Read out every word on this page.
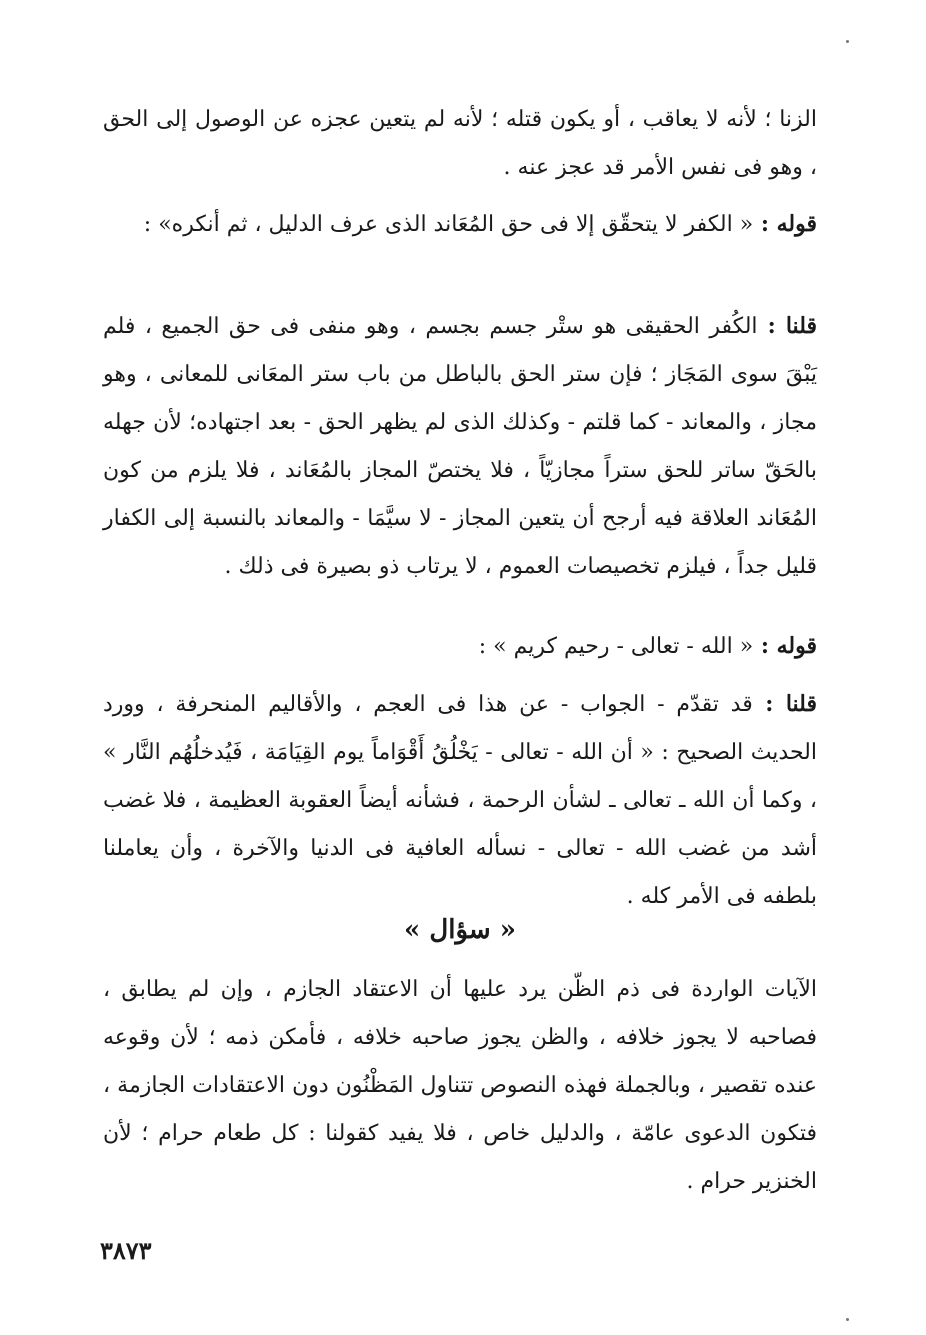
الزنا ؛ لأنه لا يعاقب ، أو يكون قتله ؛ لأنه لم يتعين عجزه عن الوصول إلى الحق ، وهو فى نفس الأمر قد عجز عنه .

قوله : « الكفر لا يتحقّق إلا فى حق المُعَاند الذى عرف الدليل ، ثم أنكره» :

قلنا : الكُفر الحقيقى هو ستْر جسم بجسم ، وهو منفى فى حق الجميع ، فلم يَبْقَ سوى المَجَاز ؛ فإن ستر الحق بالباطل من باب ستر المعَانى للمعانى ، وهو مجاز ، والمعاند - كما قلتم - وكذلك الذى لم يظهر الحق - بعد اجتهاده؛ لأن جهله بالحَقّ ساتر للحق ستراً مجازيّاً ، فلا يختصّ المجاز بالمُعَاند ، فلا يلزم من كون المُعَاند العلاقة فيه أرجح أن يتعين المجاز - لا سيَّمَا - والمعاند بالنسبة إلى الكفار قليل جداً ، فيلزم تخصيصات العموم ، لا يرتاب ذو بصيرة فى ذلك .

قوله : « الله - تعالى - رحيم كريم » :

قلنا : قد تقدّم - الجواب - عن هذا فى العجم ، والأقاليم المنحرفة ، وورد الحديث الصحيح : « أن الله - تعالى - يَخْلُقُ أَقْوَاماً يوم القِيَامَة ، فَيُدخلُهُم النَّار » ، وكما أن الله ـ تعالى ـ لشأن الرحمة ، فشأنه أيضاً العقوبة العظيمة ، فلا غضب أشد من غضب الله - تعالى - نسأله العافية فى الدنيا والآخرة ، وأن يعاملنا بلطفه فى الأمر كله .

« سؤال »

الآيات الواردة فى ذم الظّن يرد عليها أن الاعتقاد الجازم ، وإن لم يطابق ، فصاحبه لا يجوز خلافه ، والظن يجوز صاحبه خلافه ، فأمكن ذمه ؛ لأن وقوعه عنده تقصير ، وبالجملة فهذه النصوص تتناول المَظْنُون دون الاعتقادات الجازمة ، فتكون الدعوى عامّة ، والدليل خاص ، فلا يفيد كقولنا : كل طعام حرام ؛ لأن الخنزير حرام .

٣٨٧٣
